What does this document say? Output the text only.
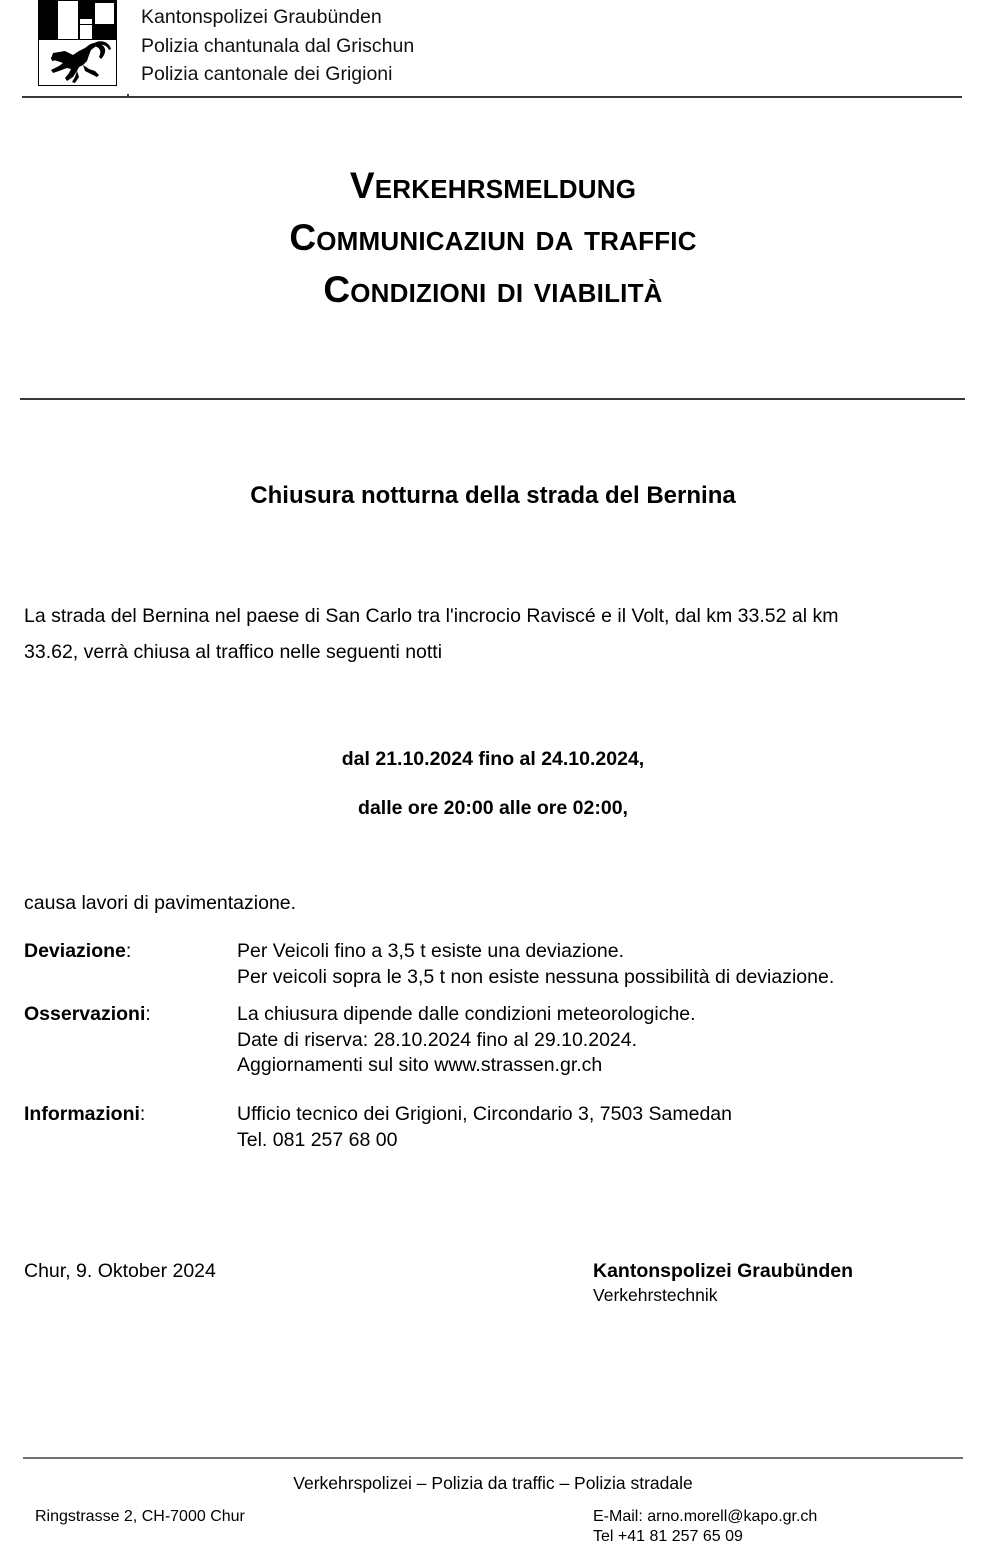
Kantonspolizei Graubünden
Polizia chantunala dal Grischun
Polizia cantonale dei Grigioni
Verkehrsmeldung
Communicaziun da traffic
Condizioni di viabilità
Chiusura notturna della strada del Bernina
La strada del Bernina nel paese di San Carlo tra l'incrocio Raviscé e il Volt, dal km 33.52 al km
33.62, verrà chiusa al traffico nelle seguenti notti
dal 21.10.2024 fino al 24.10.2024,
dalle ore 20:00 alle ore 02:00,
causa lavori di pavimentazione.
Deviazione:	Per Veicoli fino a 3,5 t esiste una deviazione.
Per veicoli sopra le 3,5 t non esiste nessuna possibilità di deviazione.
Osservazioni:	La chiusura dipende dalle condizioni meteorologiche.
Date di riserva: 28.10.2024 fino al 29.10.2024.
Aggiornamenti sul sito www.strassen.gr.ch
Informazioni:	Ufficio tecnico dei Grigioni, Circondario 3, 7503 Samedan
Tel. 081 257 68 00
Chur, 9. Oktober 2024	Kantonspolizei Graubünden
Verkehrstechnik
Verkehrspolizei – Polizia da traffic – Polizia stradale
Ringstrasse 2, CH-7000 Chur	E-Mail: arno.morell@kapo.gr.ch
Tel +41 81 257 65 09
